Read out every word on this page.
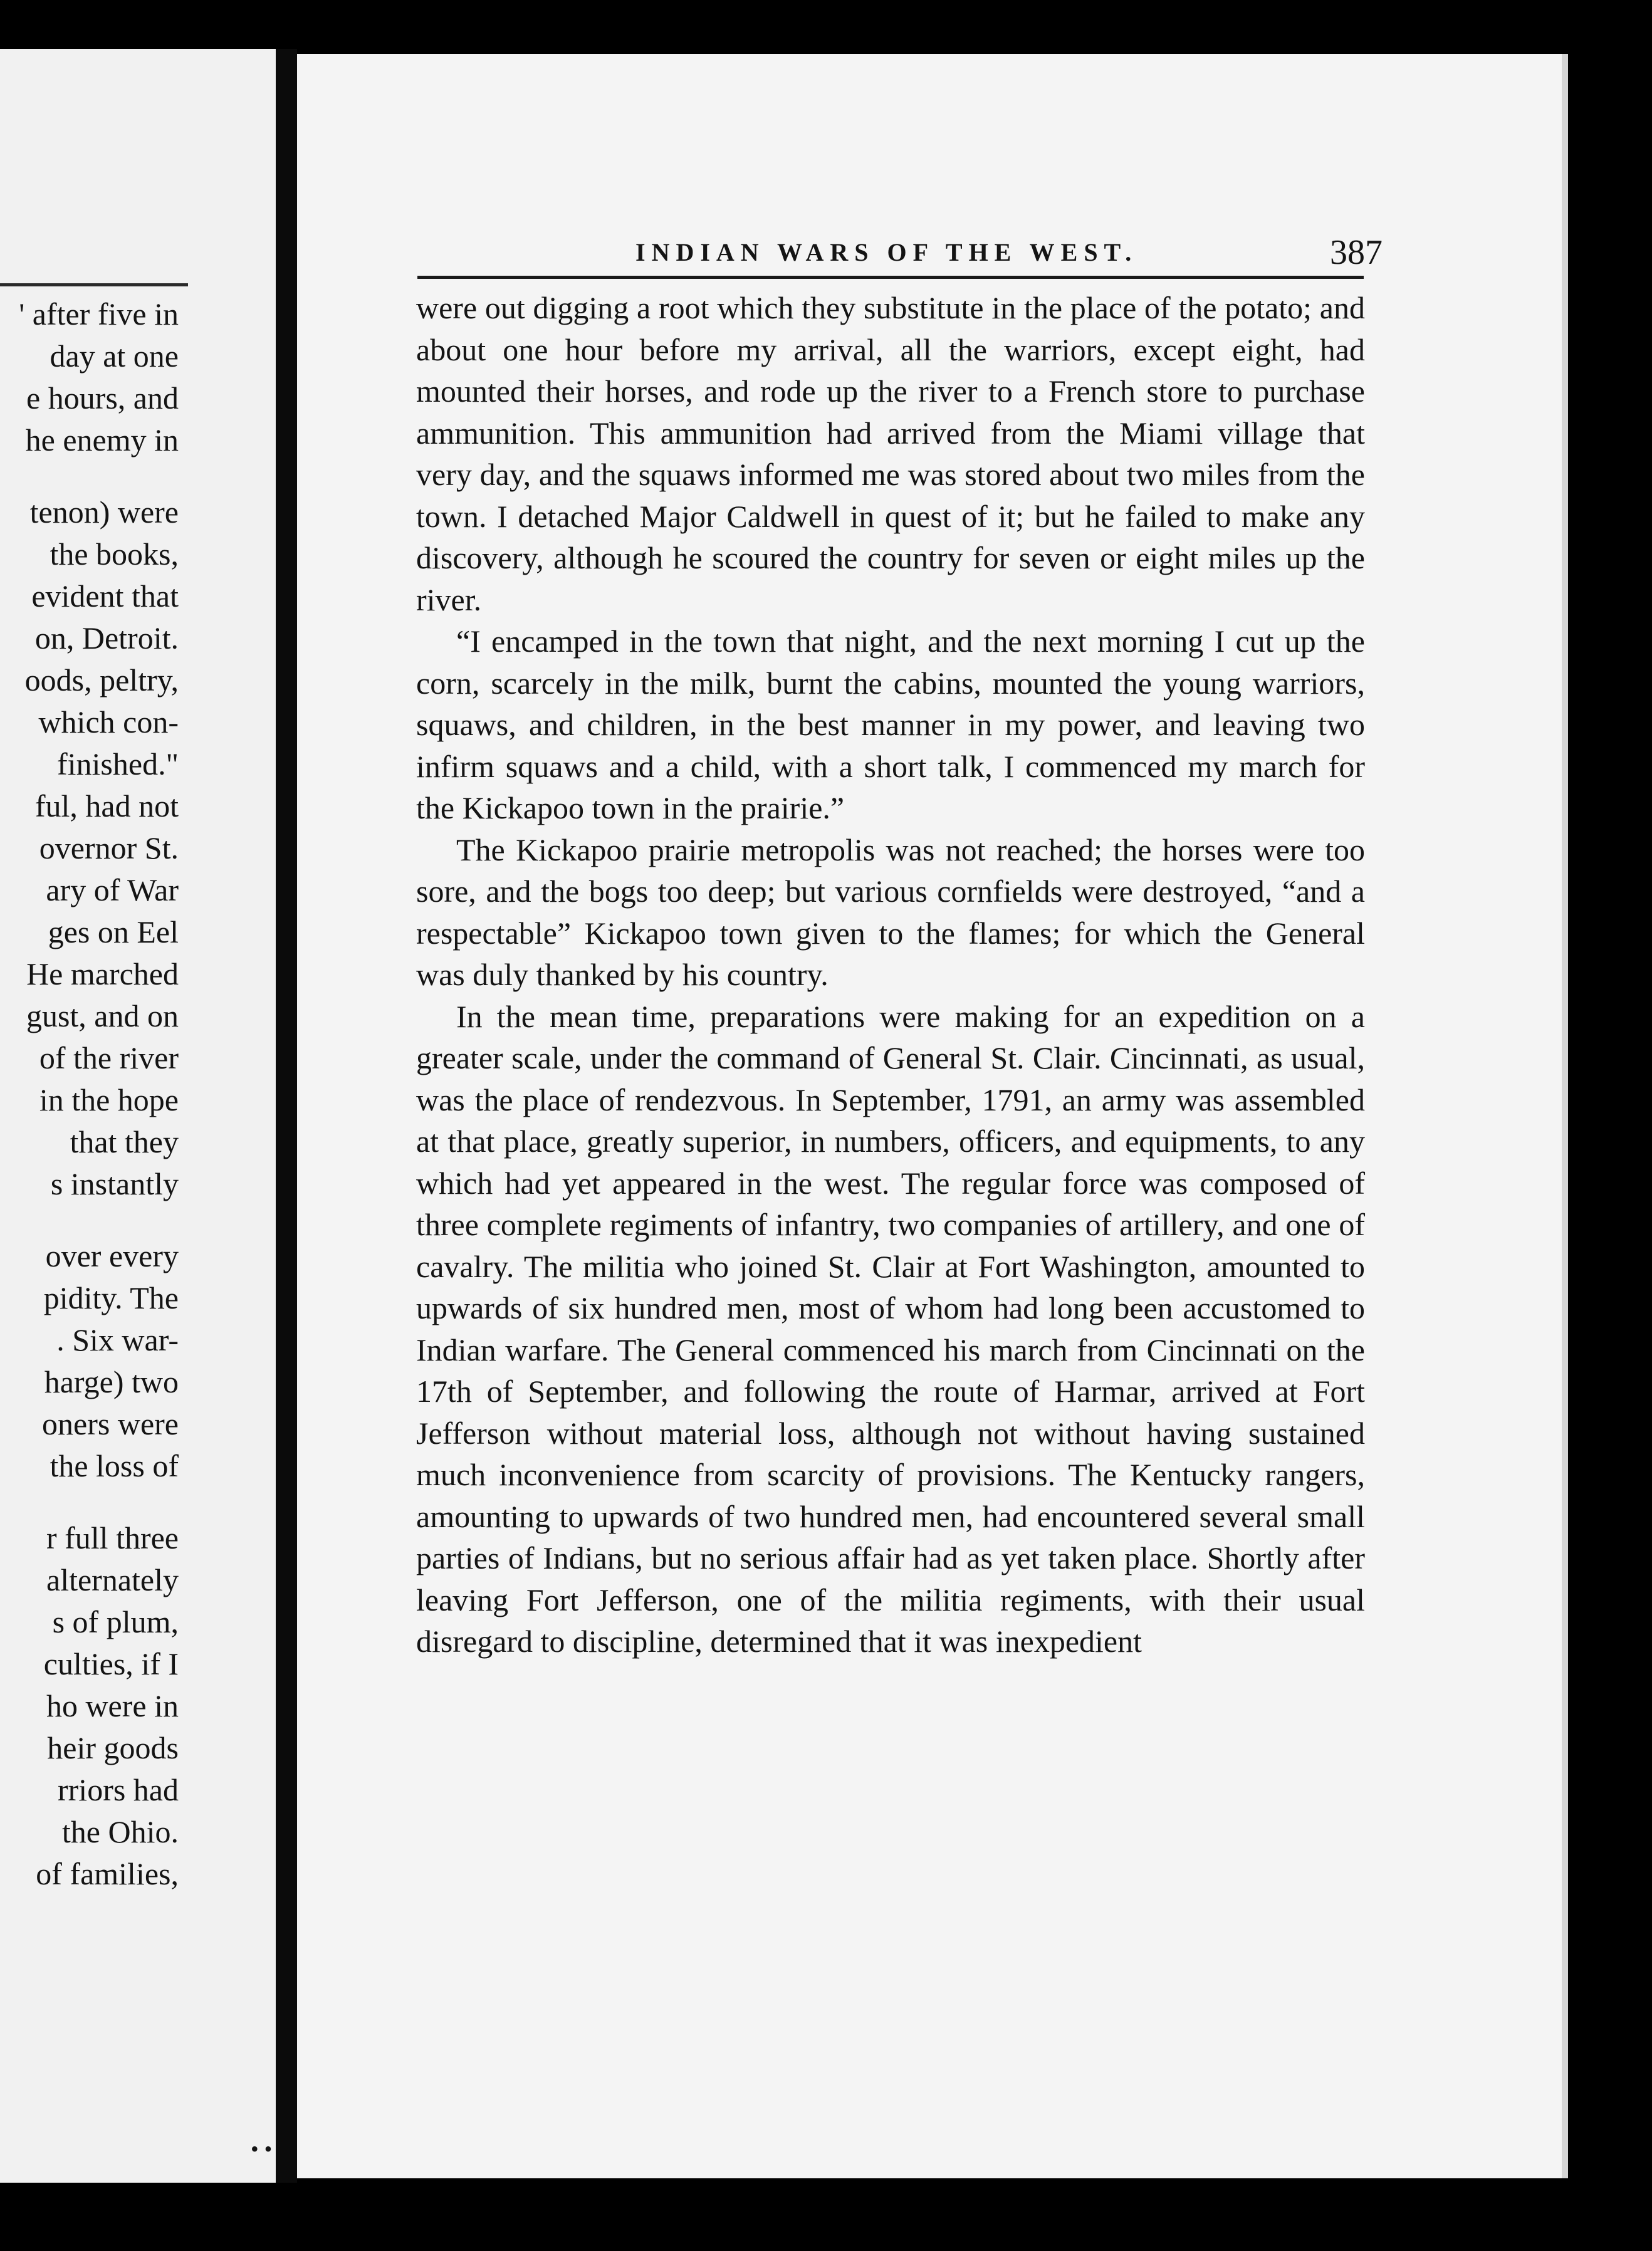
' after five in
day at one
e hours, and
he enemy in
tenon) were
the books,
evident that
on, Detroit.
oods, peltry,
which con-
finished."
ful, had not
overnor St.
ary of War
ges on Eel
He marched
gust, and on
of the river
in the hope
that they
s instantly
over every
pidity. The
. Six war-
harge) two
oners were
the loss of
r full three
alternately
s of plum,
culties, if I
ho were in
heir goods
rriors had
the Ohio.
of families,
• •
INDIAN WARS OF THE WEST.	387

were out digging a root which they substitute in the place of the potato; and about one hour before my arrival, all the warriors, except eight, had mounted their horses, and rode up the river to a French store to purchase ammunition. This ammunition had arrived from the Miami village that very day, and the squaws informed me was stored about two miles from the town. I detached Major Caldwell in quest of it; but he failed to make any discovery, although he scoured the country for seven or eight miles up the river.

“I encamped in the town that night, and the next morning I cut up the corn, scarcely in the milk, burnt the cabins, mounted the young warriors, squaws, and children, in the best manner in my power, and leaving two infirm squaws and a child, with a short talk, I commenced my march for the Kickapoo town in the prairie.”

The Kickapoo prairie metropolis was not reached; the horses were too sore, and the bogs too deep; but various cornfields were destroyed, “and a respectable” Kickapoo town given to the flames; for which the General was duly thanked by his country.

In the mean time, preparations were making for an expedition on a greater scale, under the command of General St. Clair. Cincinnati, as usual, was the place of rendezvous. In September, 1791, an army was assembled at that place, greatly superior, in numbers, officers, and equipments, to any which had yet appeared in the west. The regular force was composed of three complete regiments of infantry, two companies of artillery, and one of cavalry. The militia who joined St. Clair at Fort Washington, amounted to upwards of six hundred men, most of whom had long been accustomed to Indian warfare. The General commenced his march from Cincinnati on the 17th of September, and following the route of Harmar, arrived at Fort Jefferson without material loss, although not without having sustained much inconvenience from scarcity of provisions. The Kentucky rangers, amounting to upwards of two hundred men, had encountered several small parties of Indians, but no serious affair had as yet taken place. Shortly after leaving Fort Jefferson, one of the militia regiments, with their usual disregard to discipline, determined that it was inexpedient
